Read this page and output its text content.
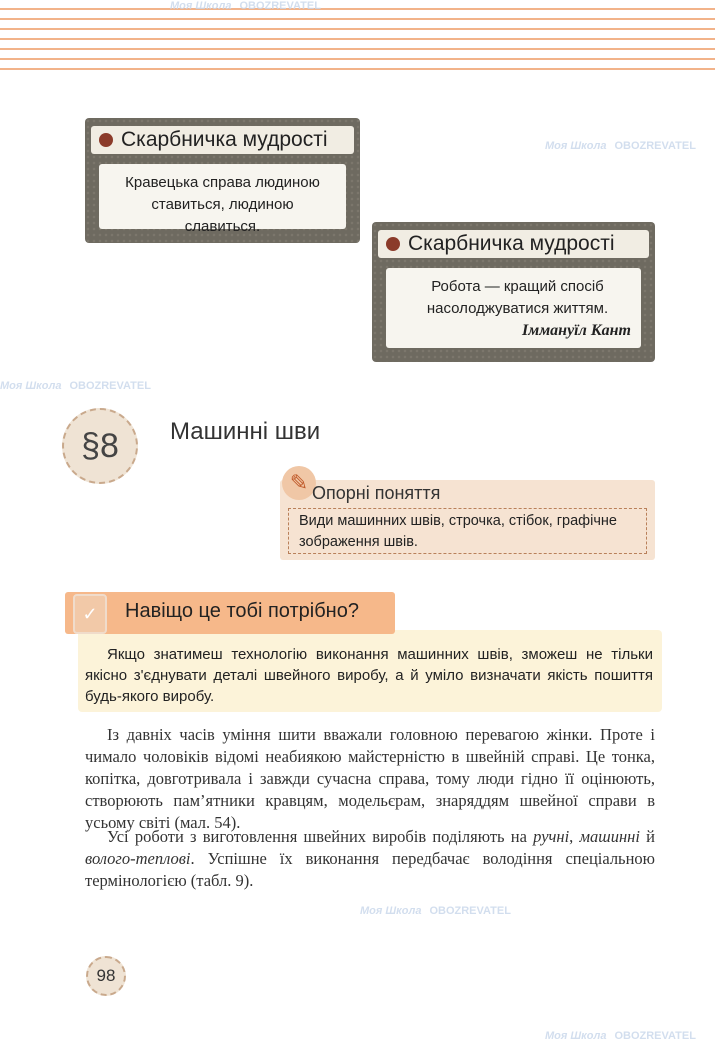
Моя Школа OBOZREVATEL
Моя Школа OBOZREVATEL
Моя Школа OBOZREVATEL
Моя Школа OBOZREVATEL
Моя Школа OBOZREVATEL
Скарбничка мудрості
Кравецька справа людиною ставиться, людиною славиться.
Скарбничка мудрості
Робота — кращий спосіб насолоджуватися життям.
Іммануїл Кант
§8	Машинні шви
✎ Опорні поняття
Види машинних швів, строчка, стібок, графічне зображення швів.
✓	Навіщо це тобі потрібно?
Якщо знатимеш технологію виконання машинних швів, зможеш не тільки якісно з'єднувати деталі швейного виробу, а й уміло визначати якість пошиття будь-якого виробу.
Із давніх часів уміння шити вважали головною перевагою жінки. Проте і чимало чоловіків відомі неабиякою майстерністю в швейній справі. Це тонка, копітка, довготривала і завжди сучасна справа, тому люди гідно її оцінюють, створюють пам’ятники кравцям, модельєрам, знаряддям швейної справи в усьому світі (мал. 54).
Усі роботи з виготовлення швейних виробів поділяють на ручні, машинні й волого-теплові. Успішне їх виконання передбачає володіння спеціальною термінологією (табл. 9).
98
